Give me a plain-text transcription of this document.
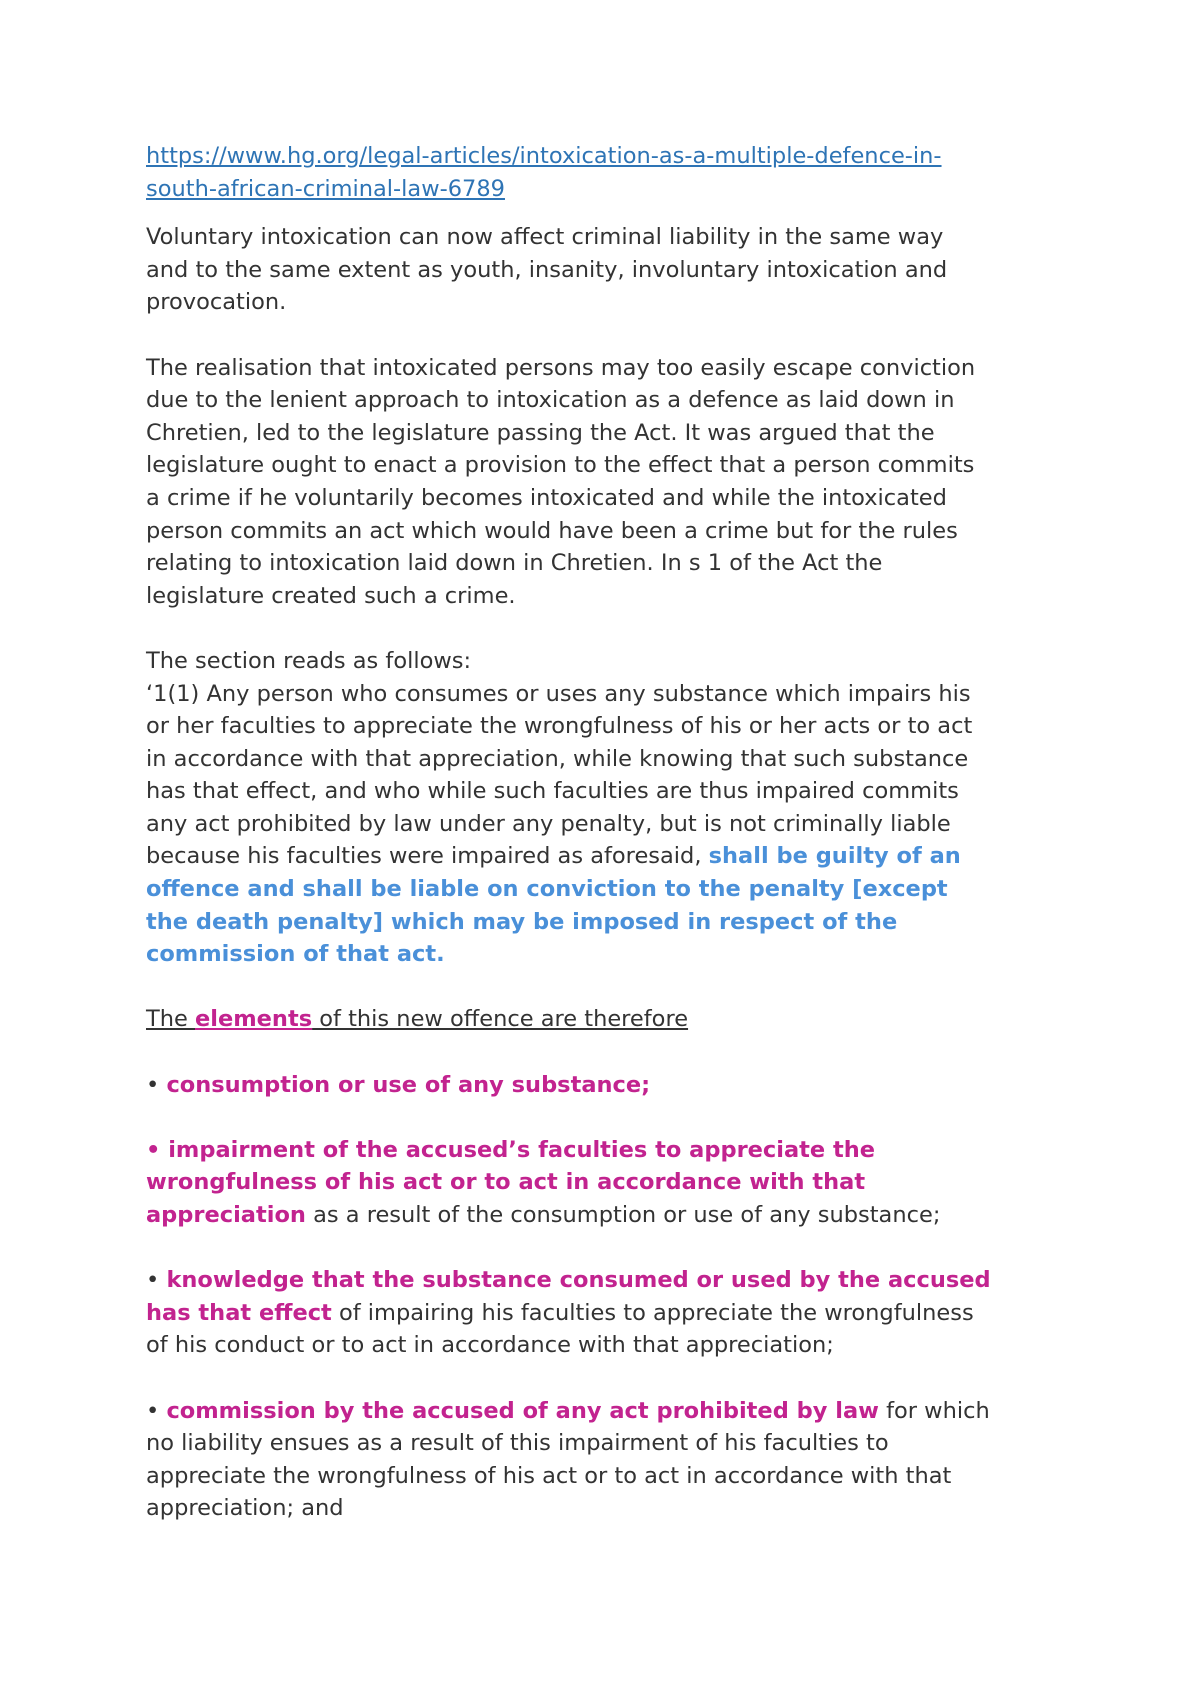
https://www.hg.org/legal-articles/intoxication-as-a-multiple-defence-in-
south-african-criminal-law-6789
Voluntary intoxication can now affect criminal liability in the same way
and to the same extent as youth, insanity, involuntary intoxication and
provocation.
The realisation that intoxicated persons may too easily escape conviction
due to the lenient approach to intoxication as a defence as laid down in
Chretien, led to the legislature passing the Act. It was argued that the
legislature ought to enact a provision to the effect that a person commits
a crime if he voluntarily becomes intoxicated and while the intoxicated
person commits an act which would have been a crime but for the rules
relating to intoxication laid down in Chretien. In s 1 of the Act the
legislature created such a crime.
The section reads as follows:
‘1(1) Any person who consumes or uses any substance which impairs his
or her faculties to appreciate the wrongfulness of his or her acts or to act
in accordance with that appreciation, while knowing that such substance
has that effect, and who while such faculties are thus impaired commits
any act prohibited by law under any penalty, but is not criminally liable
because his faculties were impaired as aforesaid, shall be guilty of an
offence and shall be liable on conviction to the penalty [except
the death penalty] which may be imposed in respect of the
commission of that act.
The elements of this new offence are therefore
• consumption or use of any substance;
• impairment of the accused’s faculties to appreciate the
wrongfulness of his act or to act in accordance with that
appreciation as a result of the consumption or use of any substance;
• knowledge that the substance consumed or used by the accused
has that effect of impairing his faculties to appreciate the wrongfulness
of his conduct or to act in accordance with that appreciation;
• commission by the accused of any act prohibited by law for which
no liability ensues as a result of this impairment of his faculties to
appreciate the wrongfulness of his act or to act in accordance with that
appreciation; and
